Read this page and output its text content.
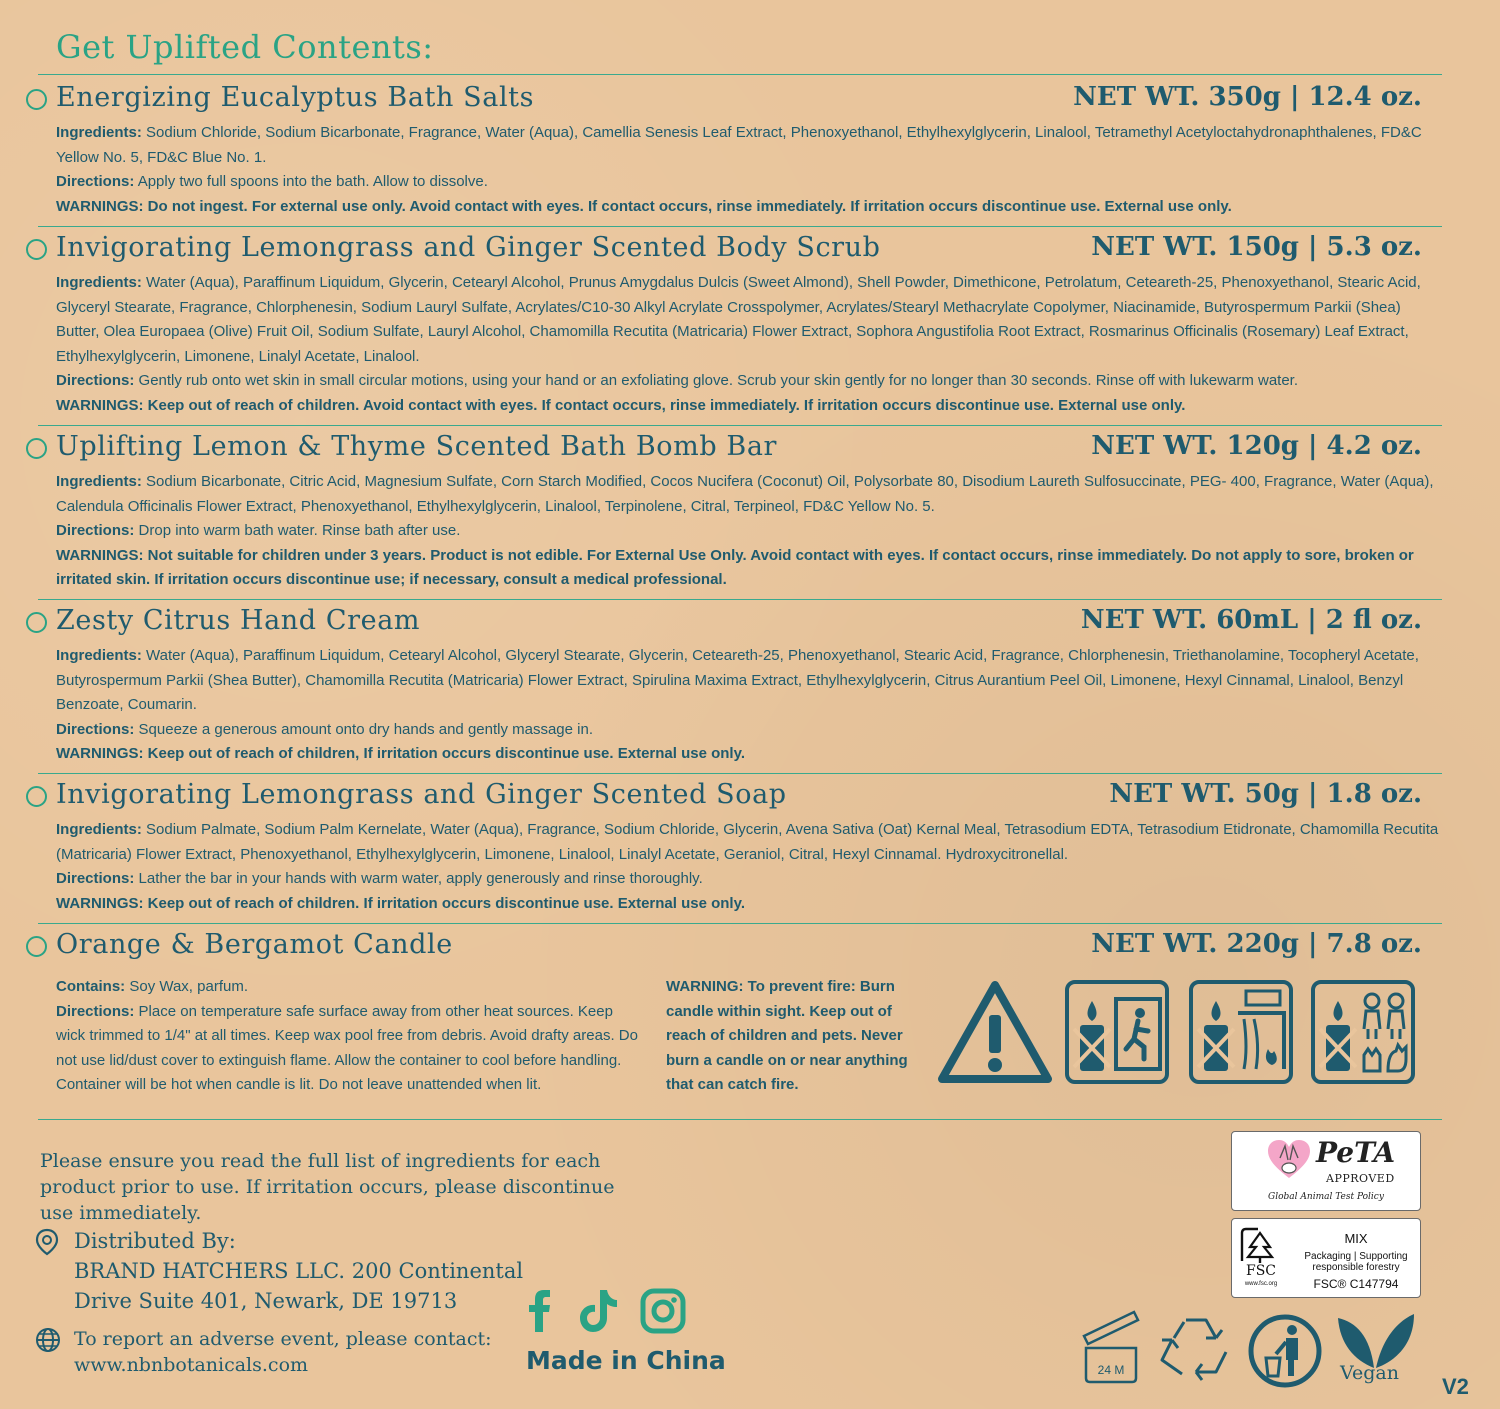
Get Uplifted Contents:
Energizing Eucalyptus Bath Salts	NET WT. 350g | 12.4 oz.

Ingredients: Sodium Chloride, Sodium Bicarbonate, Fragrance, Water (Aqua), Camellia Senesis Leaf Extract, Phenoxyethanol, Ethylhexylglycerin, Linalool, Tetramethyl Acetyloctahydronaphthalenes, FD&C Yellow No. 5, FD&C Blue No. 1.

Directions: Apply two full spoons into the bath. Allow to dissolve.

WARNINGS: Do not ingest. For external use only. Avoid contact with eyes. If contact occurs, rinse immediately. If irritation occurs discontinue use. External use only.

Invigorating Lemongrass and Ginger Scented Body Scrub	NET WT. 150g | 5.3 oz.

Ingredients: Water (Aqua), Paraffinum Liquidum, Glycerin, Cetearyl Alcohol, Prunus Amygdalus Dulcis (Sweet Almond), Shell Powder, Dimethicone, Petrolatum, Ceteareth-25, Phenoxyethanol, Stearic Acid, Glyceryl Stearate, Fragrance, Chlorphenesin, Sodium Lauryl Sulfate, Acrylates/C10-30 Alkyl Acrylate Crosspolymer, Acrylates/Stearyl Methacrylate Copolymer, Niacinamide, Butyrospermum Parkii (Shea) Butter, Olea Europaea (Olive) Fruit Oil, Sodium Sulfate, Lauryl Alcohol, Chamomilla Recutita (Matricaria) Flower Extract, Sophora Angustifolia Root Extract, Rosmarinus Officinalis (Rosemary) Leaf Extract, Ethylhexylglycerin, Limonene, Linalyl Acetate, Linalool.

Directions: Gently rub onto wet skin in small circular motions, using your hand or an exfoliating glove. Scrub your skin gently for no longer than 30 seconds. Rinse off with lukewarm water.

WARNINGS: Keep out of reach of children. Avoid contact with eyes. If contact occurs, rinse immediately. If irritation occurs discontinue use. External use only.

Uplifting Lemon & Thyme Scented Bath Bomb Bar	NET WT. 120g | 4.2 oz.

Ingredients: Sodium Bicarbonate, Citric Acid, Magnesium Sulfate, Corn Starch Modified, Cocos Nucifera (Coconut) Oil, Polysorbate 80, Disodium Laureth Sulfosuccinate, PEG- 400, Fragrance, Water (Aqua), Calendula Officinalis Flower Extract, Phenoxyethanol, Ethylhexylglycerin, Linalool, Terpinolene, Citral, Terpineol, FD&C Yellow No. 5.

Directions: Drop into warm bath water. Rinse bath after use.

WARNINGS: Not suitable for children under 3 years. Product is not edible. For External Use Only. Avoid contact with eyes. If contact occurs, rinse immediately. Do not apply to sore, broken or irritated skin. If irritation occurs discontinue use; if necessary, consult a medical professional.

Zesty Citrus Hand Cream	NET WT. 60mL | 2 fl oz.

Ingredients: Water (Aqua), Paraffinum Liquidum, Cetearyl Alcohol, Glyceryl Stearate, Glycerin, Ceteareth-25, Phenoxyethanol, Stearic Acid, Fragrance, Chlorphenesin, Triethanolamine, Tocopheryl Acetate, Butyrospermum Parkii (Shea Butter), Chamomilla Recutita (Matricaria) Flower Extract, Spirulina Maxima Extract, Ethylhexylglycerin, Citrus Aurantium Peel Oil, Limonene, Hexyl Cinnamal, Linalool, Benzyl Benzoate, Coumarin.

Directions: Squeeze a generous amount onto dry hands and gently massage in.

WARNINGS: Keep out of reach of children, If irritation occurs discontinue use. External use only.

Invigorating Lemongrass and Ginger Scented Soap	NET WT. 50g | 1.8 oz.

Ingredients: Sodium Palmate, Sodium Palm Kernelate, Water (Aqua), Fragrance, Sodium Chloride, Glycerin, Avena Sativa (Oat) Kernal Meal, Tetrasodium EDTA, Tetrasodium Etidronate, Chamomilla Recutita (Matricaria) Flower Extract, Phenoxyethanol, Ethylhexylglycerin, Limonene, Linalool, Linalyl Acetate, Geraniol, Citral, Hexyl Cinnamal. Hydroxycitronellal.

Directions: Lather the bar in your hands with warm water, apply generously and rinse thoroughly.

WARNINGS: Keep out of reach of children. If irritation occurs discontinue use. External use only.

Orange & Bergamot Candle	NET WT. 220g | 7.8 oz.

Contains: Soy Wax, parfum.

Directions: Place on temperature safe surface away from other heat sources. Keep wick trimmed to 1/4" at all times. Keep wax pool free from debris. Avoid drafty areas. Do not use lid/dust cover to extinguish flame. Allow the container to cool before handling. Container will be hot when candle is lit. Do not leave unattended when lit.

WARNING: To prevent fire: Burn candle within sight. Keep out of reach of children and pets. Never burn a candle on or near anything that can catch fire.
Please ensure you read the full list of ingredients for each product prior to use. If irritation occurs, please discontinue use immediately.
Distributed By:
BRAND HATCHERS LLC. 200 Continental Drive Suite 401, Newark, DE 19713
To report an adverse event, please contact:
www.nbnbotanicals.com	Made in China
PeTA
APPROVED
Global Animal Test Policy
FSC
www.fsc.org
MIX
Packaging | Supporting responsible forestry
FSC® C147794
24 M	Vegan
V2
